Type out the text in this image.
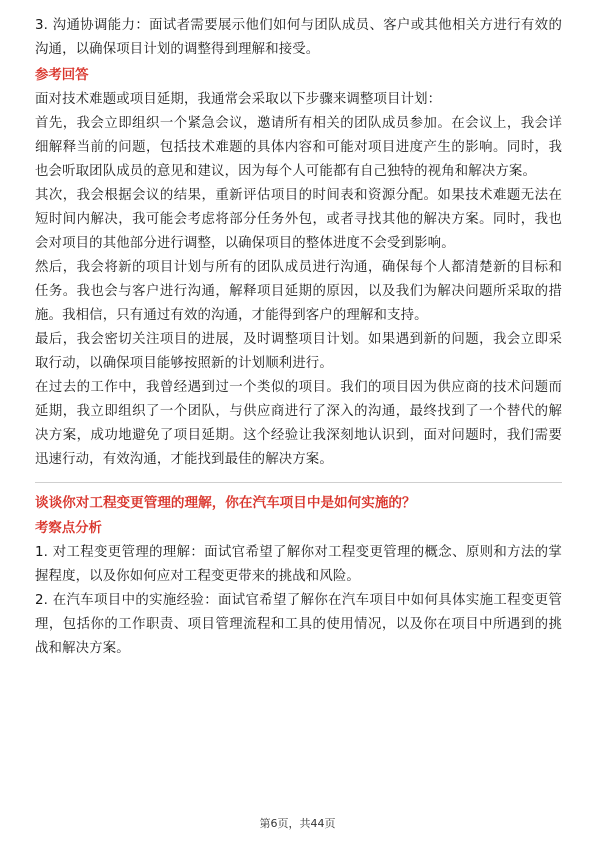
3. 沟通协调能力：面试者需要展示他们如何与团队成员、客户或其他相关方进行有效的沟通，以确保项目计划的调整得到理解和接受。

参考回答

面对技术难题或项目延期，我通常会采取以下步骤来调整项目计划：

首先，我会立即组织一个紧急会议，邀请所有相关的团队成员参加。在会议上，我会详细解释当前的问题，包括技术难题的具体内容和可能对项目进度产生的影响。同时，我也会听取团队成员的意见和建议，因为每个人可能都有自己独特的视角和解决方案。

其次，我会根据会议的结果，重新评估项目的时间表和资源分配。如果技术难题无法在短时间内解决，我可能会考虑将部分任务外包，或者寻找其他的解决方案。同时，我也会对项目的其他部分进行调整，以确保项目的整体进度不会受到影响。

然后，我会将新的项目计划与所有的团队成员进行沟通，确保每个人都清楚新的目标和任务。我也会与客户进行沟通，解释项目延期的原因，以及我们为解决问题所采取的措施。我相信，只有通过有效的沟通，才能得到客户的理解和支持。

最后，我会密切关注项目的进展，及时调整项目计划。如果遇到新的问题，我会立即采取行动，以确保项目能够按照新的计划顺利进行。

在过去的工作中，我曾经遇到过一个类似的项目。我们的项目因为供应商的技术问题而延期，我立即组织了一个团队，与供应商进行了深入的沟通，最终找到了一个替代的解决方案，成功地避免了项目延期。这个经验让我深刻地认识到，面对问题时，我们需要迅速行动，有效沟通，才能找到最佳的解决方案。

谈谈你对工程变更管理的理解，你在汽车项目中是如何实施的？
考察点分析

1. 对工程变更管理的理解：面试官希望了解你对工程变更管理的概念、原则和方法的掌握程度，以及你如何应对工程变更带来的挑战和风险。

2. 在汽车项目中的实施经验：面试官希望了解你在汽车项目中如何具体实施工程变更管理，包括你的工作职责、项目管理流程和工具的使用情况，以及你在项目中所遇到的挑战和解决方案。

第6页，共44页
